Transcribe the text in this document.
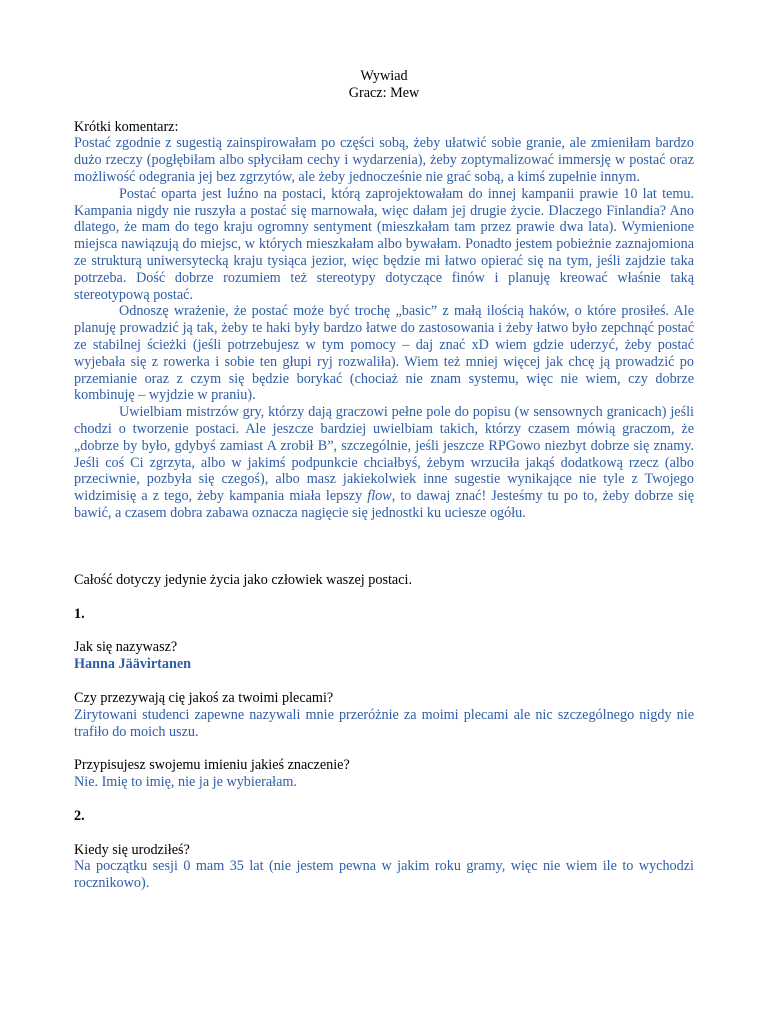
Wywiad

Gracz: Mew

Krótki komentarz:

Postać zgodnie z sugestią zainspirowałam po części sobą, żeby ułatwić sobie granie, ale zmieniłam bardzo dużo rzeczy (pogłębiłam albo spłyciłam cechy i wydarzenia), żeby zoptymalizować immersję w postać oraz możliwość odegrania jej bez zgrzytów, ale żeby jednocześnie nie grać sobą, a kimś zupełnie innym.

Postać oparta jest luźno na postaci, którą zaprojektowałam do innej kampanii prawie 10 lat temu. Kampania nigdy nie ruszyła a postać się marnowała, więc dałam jej drugie życie. Dlaczego Finlandia? Ano dlatego, że mam do tego kraju ogromny sentyment (mieszkałam tam przez prawie dwa lata). Wymienione miejsca nawiązują do miejsc, w których mieszkałam albo bywałam. Ponadto jestem pobieżnie zaznajomiona ze strukturą uniwersytecką kraju tysiąca jezior, więc będzie mi łatwo opierać się na tym, jeśli zajdzie taka potrzeba. Dość dobrze rozumiem też stereotypy dotyczące finów i planuję kreować właśnie taką stereotypową postać.

Odnoszę wrażenie, że postać może być trochę „basic” z małą ilością haków, o które prosiłeś. Ale planuję prowadzić ją tak, żeby te haki były bardzo łatwe do zastosowania i żeby łatwo było zepchnąć postać ze stabilnej ścieżki (jeśli potrzebujesz w tym pomocy – daj znać xD wiem gdzie uderzyć, żeby postać wyjebała się z rowerka i sobie ten głupi ryj rozwaliła). Wiem też mniej więcej jak chcę ją prowadzić po przemianie oraz z czym się będzie borykać (chociaż nie znam systemu, więc nie wiem, czy dobrze kombinuję – wyjdzie w praniu).

Uwielbiam mistrzów gry, którzy dają graczowi pełne pole do popisu (w sensownych granicach) jeśli chodzi o tworzenie postaci. Ale jeszcze bardziej uwielbiam takich, którzy czasem mówią graczom, że „dobrze by było, gdybyś zamiast A zrobił B”, szczególnie, jeśli jeszcze RPGowo niezbyt dobrze się znamy. Jeśli coś Ci zgrzyta, albo w jakimś podpunkcie chciałbyś, żebym wrzuciła jakąś dodatkową rzecz (albo przeciwnie, pozbyła się czegoś), albo masz jakiekolwiek inne sugestie wynikające nie tyle z Twojego widzimisię a z tego, żeby kampania miała lepszy flow, to dawaj znać! Jesteśmy tu po to, żeby dobrze się bawić, a czasem dobra zabawa oznacza nagięcie się jednostki ku uciesze ogółu.

Całość dotyczy jedynie życia jako człowiek waszej postaci.

1.

Jak się nazywasz?

Hanna Jäävirtanen

Czy przezywają cię jakoś za twoimi plecami?

Zirytowani studenci zapewne nazywali mnie przeróżnie za moimi plecami ale nic szczególnego nigdy nie trafiło do moich uszu.

Przypisujesz swojemu imieniu jakieś znaczenie?

Nie. Imię to imię, nie ja je wybierałam.

2.

Kiedy się urodziłeś?

Na początku sesji 0 mam 35 lat (nie jestem pewna w jakim roku gramy, więc nie wiem ile to wychodzi rocznikowo).
